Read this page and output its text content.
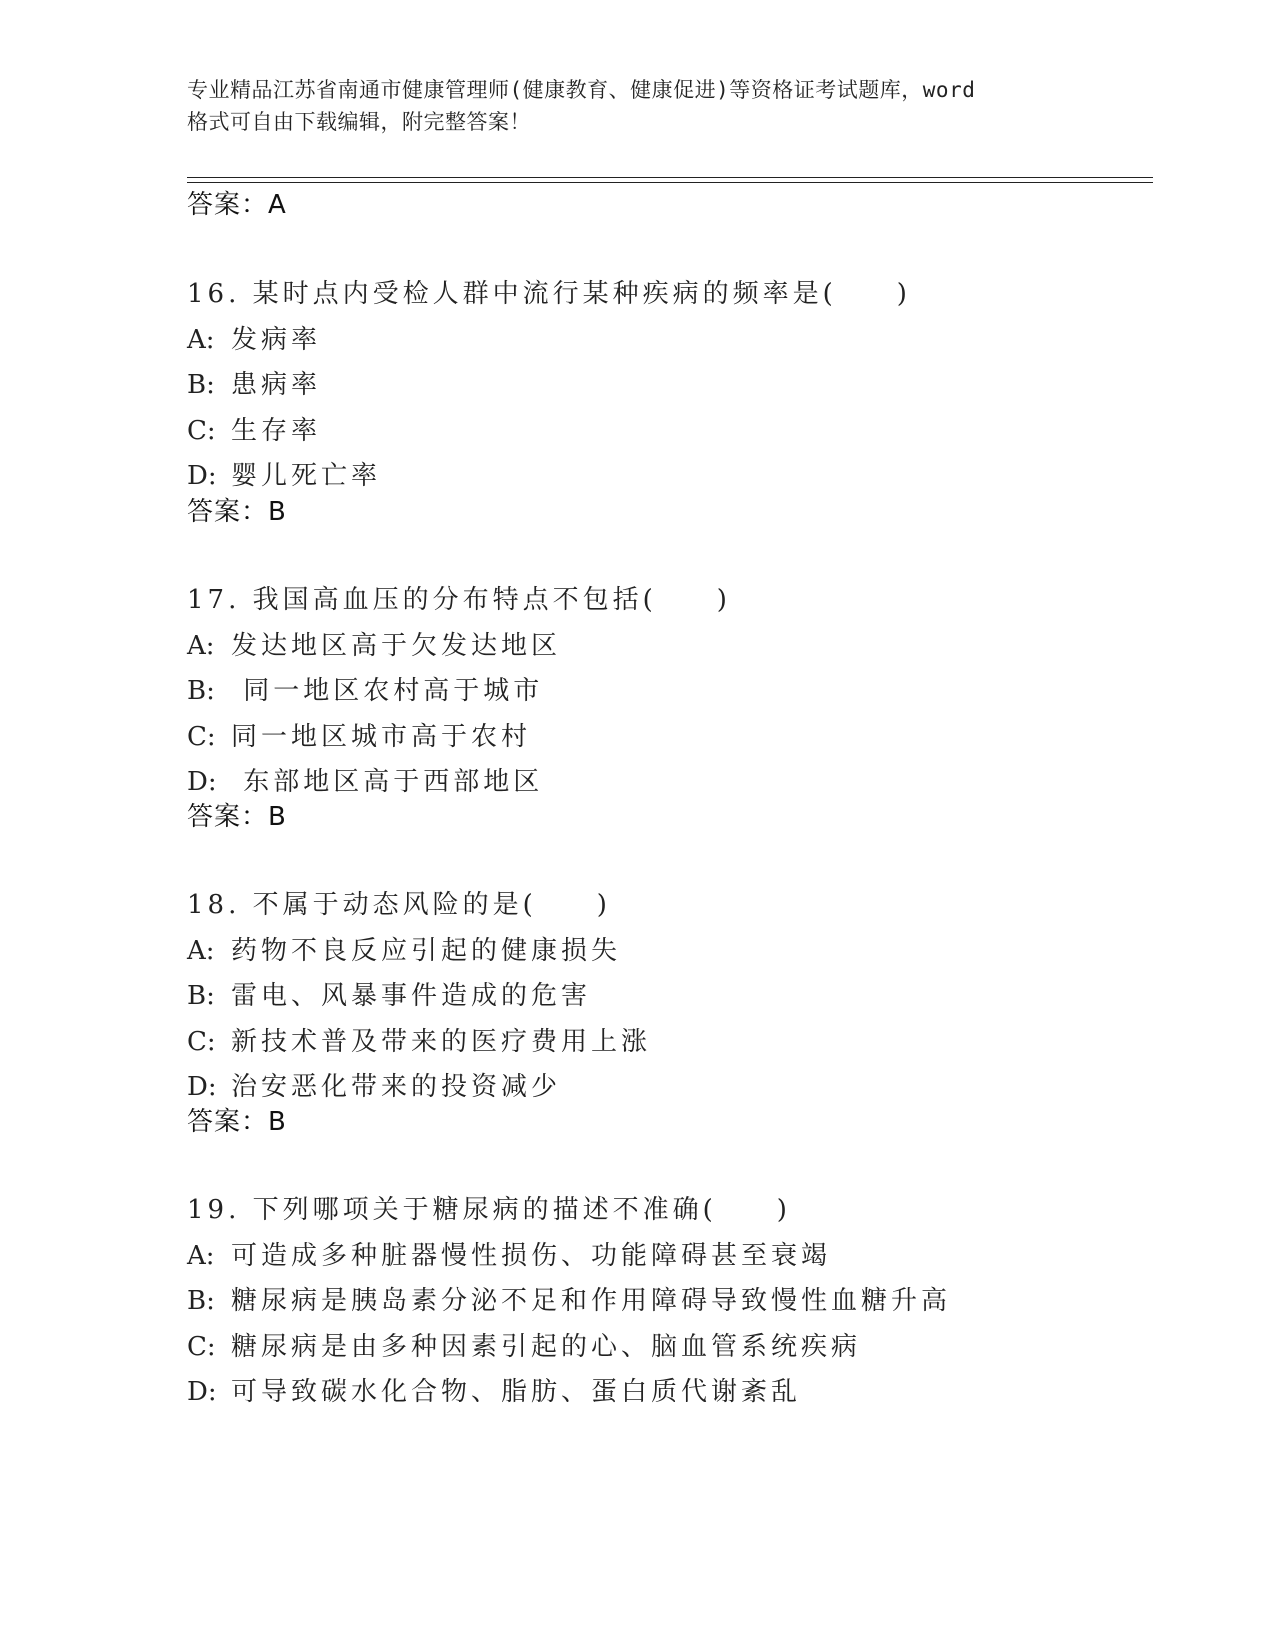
专业精品江苏省南通市健康管理师(健康教育、健康促进)等资格证考试题库，word
格式可自由下载编辑，附完整答案！
答案：A
16. 某时点内受检人群中流行某种疾病的频率是(　　)
A: 发病率
B: 患病率
C: 生存率
D: 婴儿死亡率
答案：B
17. 我国高血压的分布特点不包括(　　)
A: 发达地区高于欠发达地区
B: 同一地区农村高于城市
C: 同一地区城市高于农村
D: 东部地区高于西部地区
答案：B
18. 不属于动态风险的是(　　)
A: 药物不良反应引起的健康损失
B: 雷电、风暴事件造成的危害
C: 新技术普及带来的医疗费用上涨
D: 治安恶化带来的投资减少
答案：B
19. 下列哪项关于糖尿病的描述不准确(　　)
A: 可造成多种脏器慢性损伤、功能障碍甚至衰竭
B: 糖尿病是胰岛素分泌不足和作用障碍导致慢性血糖升高
C: 糖尿病是由多种因素引起的心、脑血管系统疾病
D: 可导致碳水化合物、脂肪、蛋白质代谢紊乱
